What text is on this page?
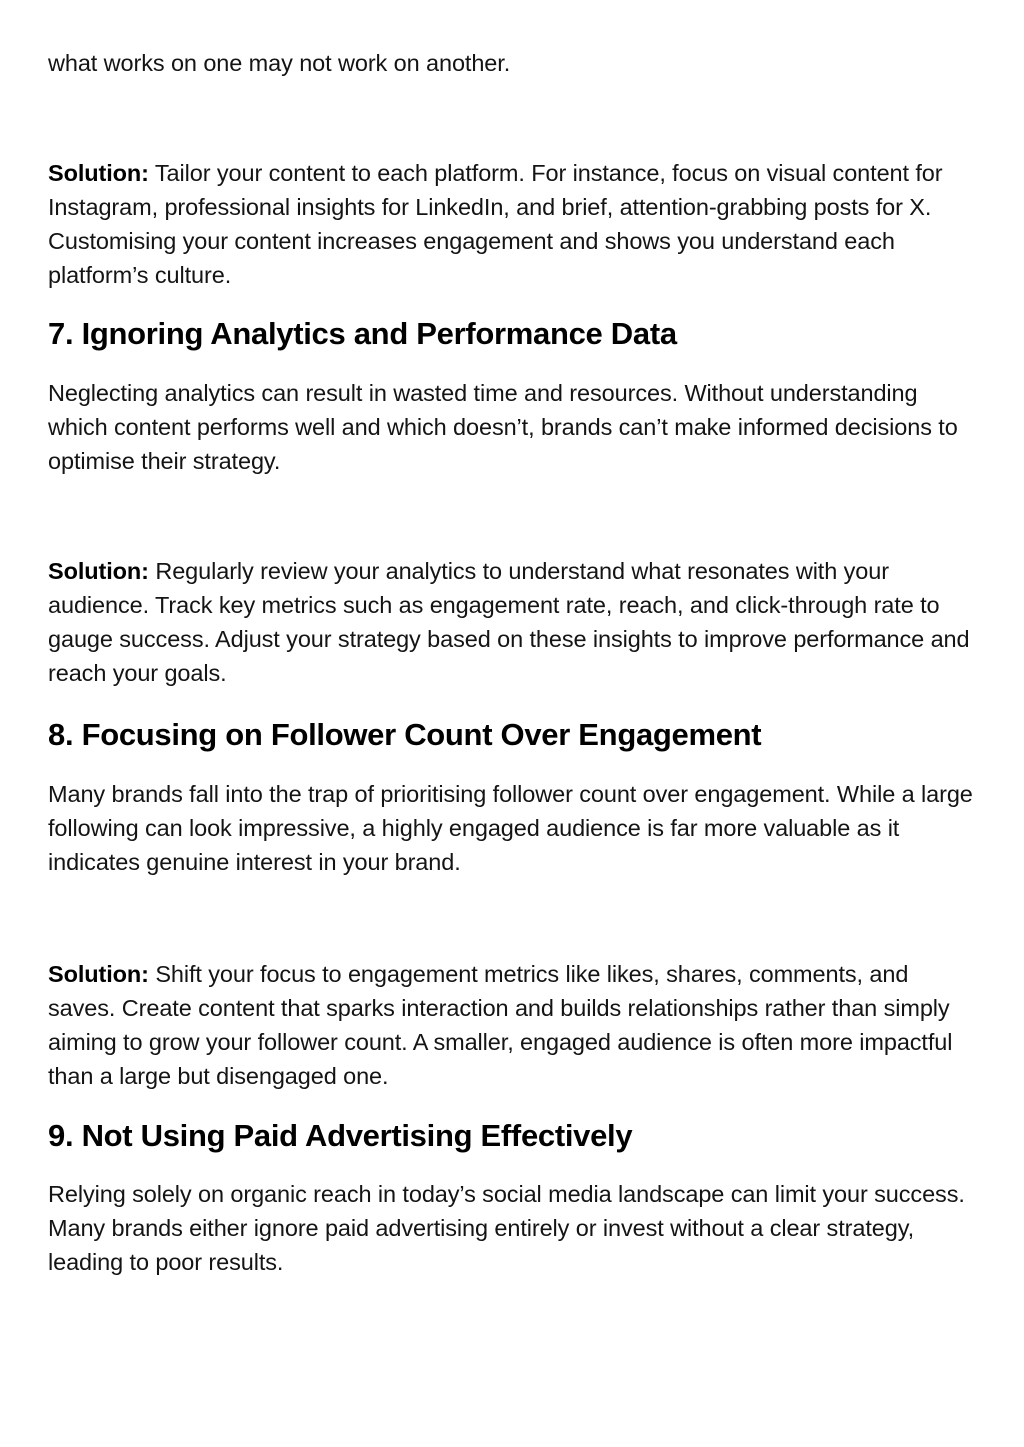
what works on one may not work on another.

Solution: Tailor your content to each platform. For instance, focus on visual content for Instagram, professional insights for LinkedIn, and brief, attention-grabbing posts for X. Customising your content increases engagement and shows you understand each platform’s culture.

7. Ignoring Analytics and Performance Data

Neglecting analytics can result in wasted time and resources. Without understanding which content performs well and which doesn’t, brands can’t make informed decisions to optimise their strategy.

Solution: Regularly review your analytics to understand what resonates with your audience. Track key metrics such as engagement rate, reach, and click-through rate to gauge success. Adjust your strategy based on these insights to improve performance and reach your goals.

8. Focusing on Follower Count Over Engagement

Many brands fall into the trap of prioritising follower count over engagement. While a large following can look impressive, a highly engaged audience is far more valuable as it indicates genuine interest in your brand.

Solution: Shift your focus to engagement metrics like likes, shares, comments, and saves. Create content that sparks interaction and builds relationships rather than simply aiming to grow your follower count. A smaller, engaged audience is often more impactful than a large but disengaged one.

9. Not Using Paid Advertising Effectively

Relying solely on organic reach in today’s social media landscape can limit your success. Many brands either ignore paid advertising entirely or invest without a clear strategy, leading to poor results.
